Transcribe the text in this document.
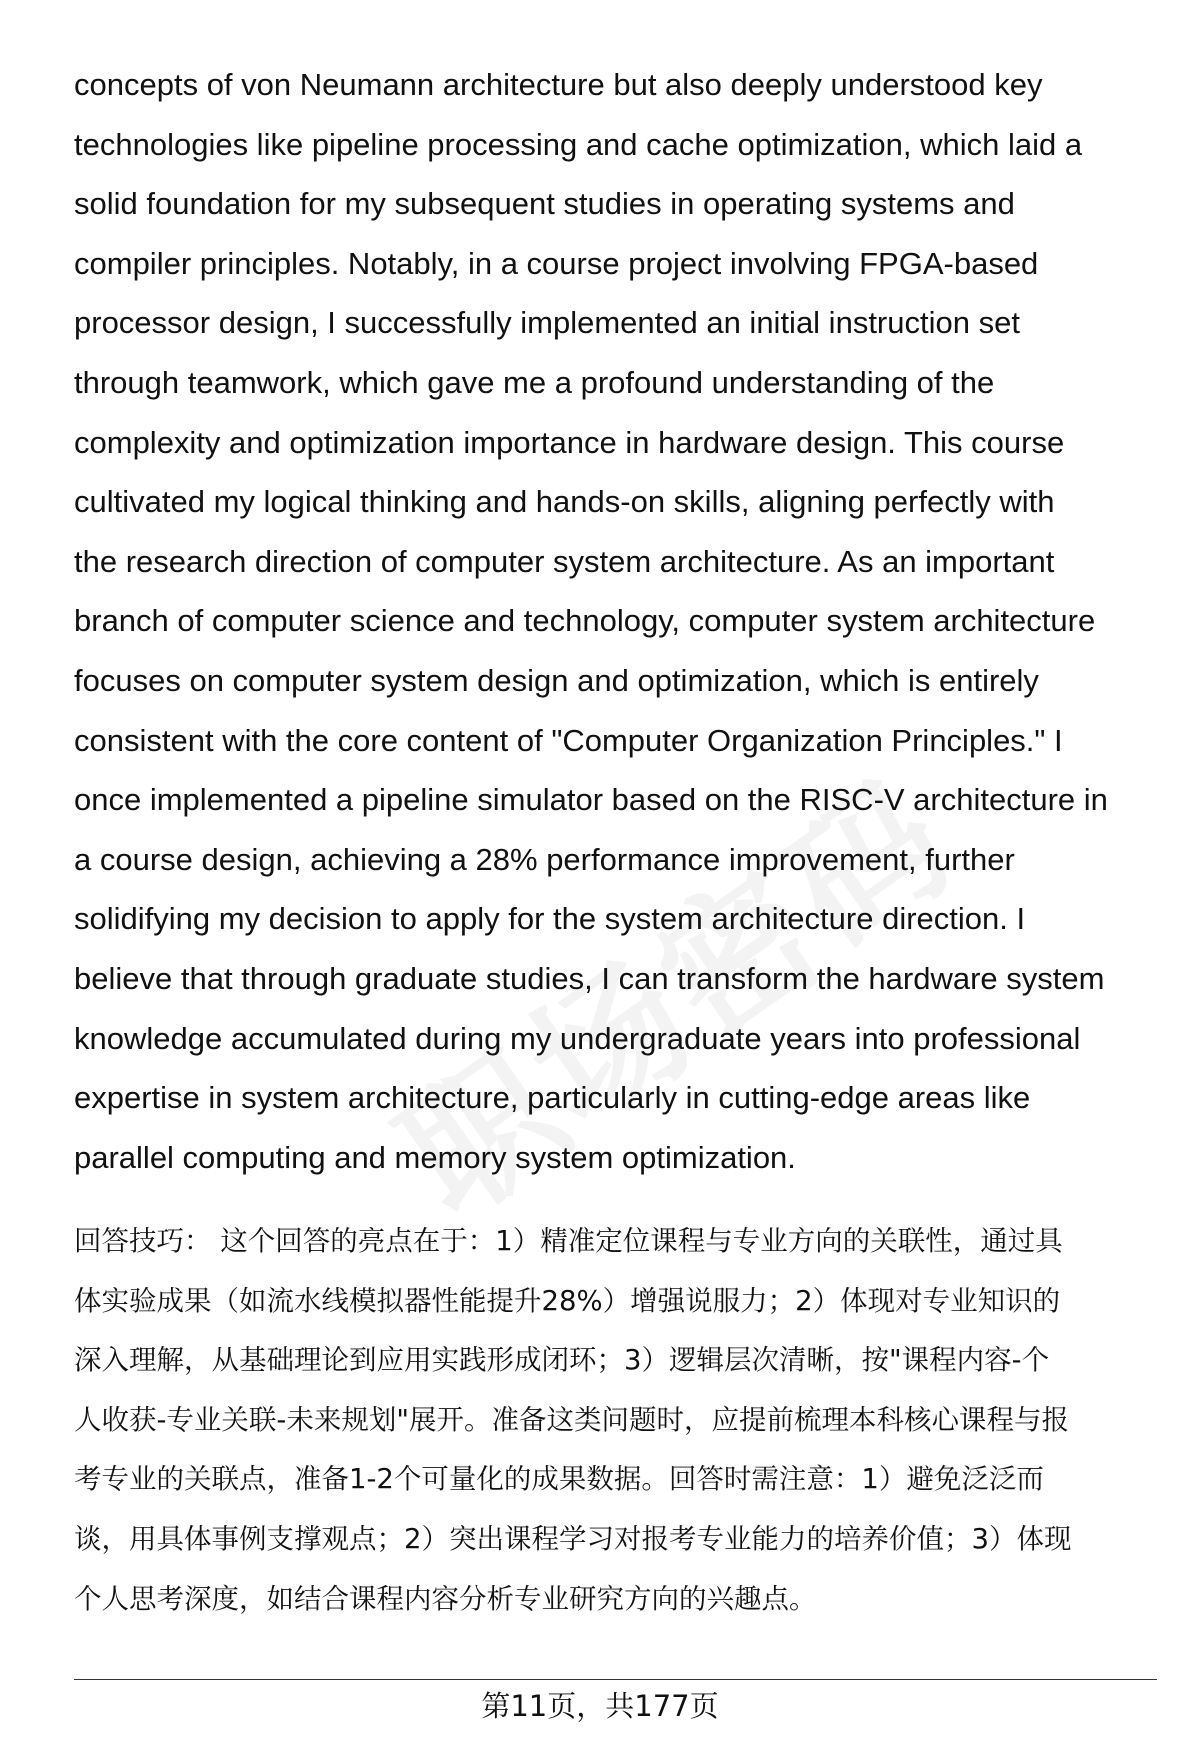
concepts of von Neumann architecture but also deeply understood key
technologies like pipeline processing and cache optimization, which laid a
solid foundation for my subsequent studies in operating systems and
compiler principles. Notably, in a course project involving FPGA-based
processor design, I successfully implemented an initial instruction set
through teamwork, which gave me a profound understanding of the
complexity and optimization importance in hardware design. This course
cultivated my logical thinking and hands-on skills, aligning perfectly with
the research direction of computer system architecture. As an important
branch of computer science and technology, computer system architecture
focuses on computer system design and optimization, which is entirely
consistent with the core content of "Computer Organization Principles." I
once implemented a pipeline simulator based on the RISC-V architecture in
a course design, achieving a 28% performance improvement, further
solidifying my decision to apply for the system architecture direction. I
believe that through graduate studies, I can transform the hardware system
knowledge accumulated during my undergraduate years into professional
expertise in system architecture, particularly in cutting-edge areas like
parallel computing and memory system optimization.

回答技巧： 这个回答的亮点在于：1）精准定位课程与专业方向的关联性，通过具
体实验成果（如流水线模拟器性能提升28%）增强说服力；2）体现对专业知识的
深入理解，从基础理论到应用实践形成闭环；3）逻辑层次清晰，按"课程内容-个
人收获-专业关联-未来规划"展开。准备这类问题时，应提前梳理本科核心课程与报
考专业的关联点，准备1-2个可量化的成果数据。回答时需注意：1）避免泛泛而
谈，用具体事例支撑观点；2）突出课程学习对报考专业能力的培养价值；3）体现
个人思考深度，如结合课程内容分析专业研究方向的兴趣点。

第11页，共177页
